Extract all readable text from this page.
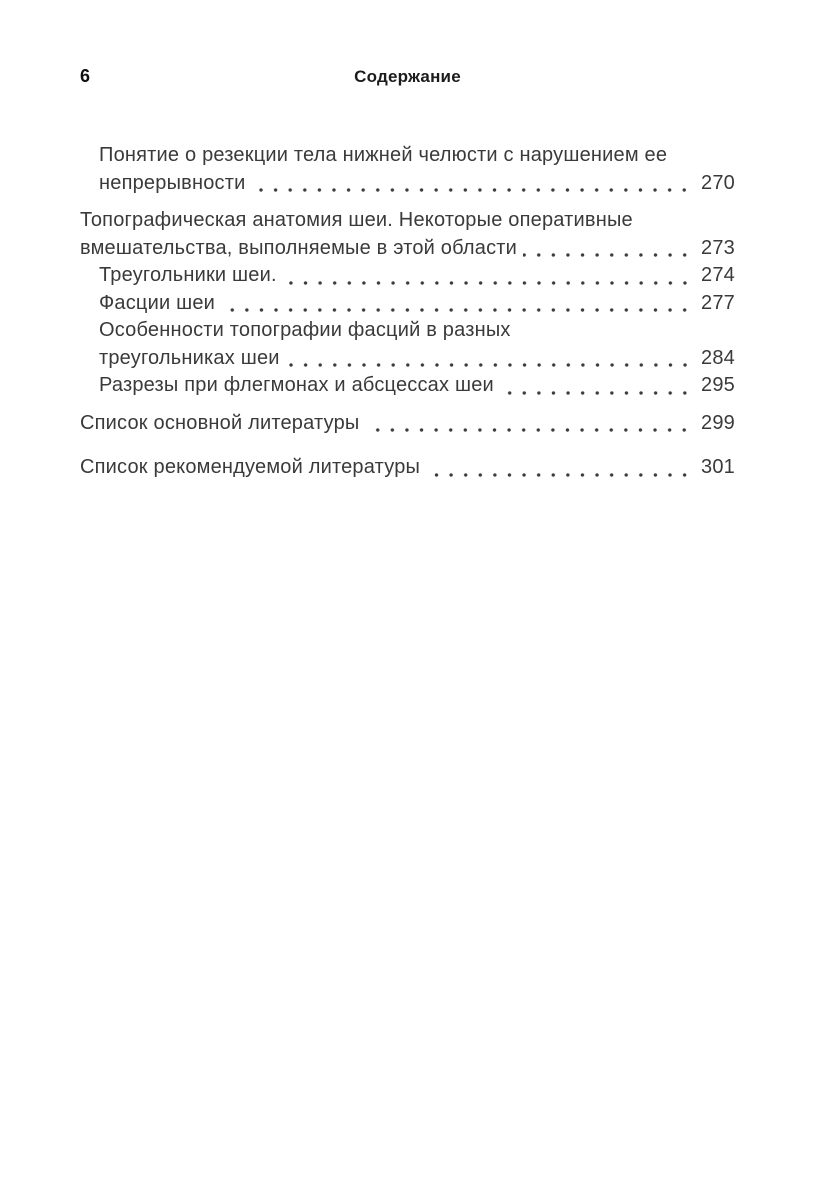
6	Содержание
Понятие о резекции тела нижней челюсти с нарушением ее
непрерывности	270
Топографическая анатомия шеи. Некоторые оперативные
вмешательства, выполняемые в этой области	273
Треугольники шеи.	274
Фасции шеи	277
Особенности топографии фасций в разных
треугольниках шеи	284
Разрезы при флегмонах и абсцессах шеи	295
Список основной литературы	299
Список рекомендуемой литературы	301
